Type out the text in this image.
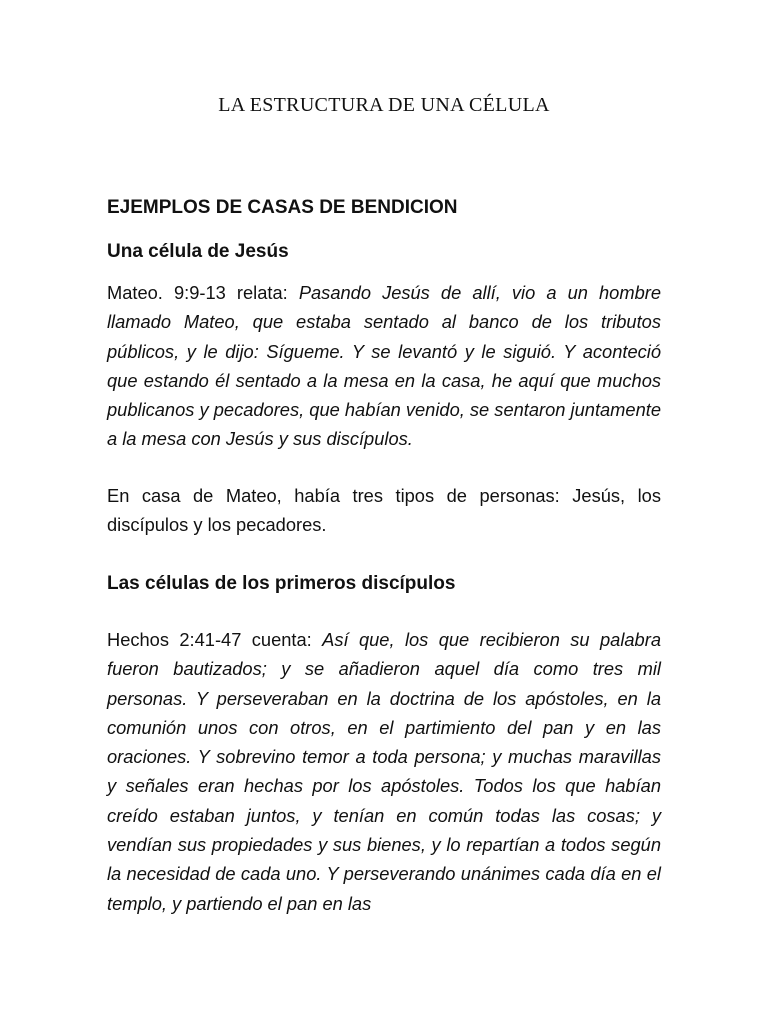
LA ESTRUCTURA DE UNA CÉLULA
EJEMPLOS DE CASAS DE BENDICION
Una célula de Jesús

Mateo. 9:9-13 relata: Pasando Jesús de allí, vio a un hombre llamado Mateo, que estaba sentado al banco de los tributos públicos, y le dijo: Sígueme. Y se levantó y le siguió. Y aconteció que estando él sentado a la mesa en la casa, he aquí que muchos publicanos y pecadores, que habían venido, se sentaron juntamente a la mesa con Jesús y sus discípulos.

En casa de Mateo, había tres tipos de personas: Jesús, los discípulos y los pecadores.

Las células de los primeros discípulos

Hechos 2:41-47 cuenta: Así que, los que recibieron su palabra fueron bautizados; y se añadieron aquel día como tres mil personas. Y perseveraban en la doctrina de los apóstoles, en la comunión unos con otros, en el partimiento del pan y en las oraciones. Y sobrevino temor a toda persona; y muchas maravillas y señales eran hechas por los apóstoles. Todos los que habían creído estaban juntos, y tenían en común todas las cosas; y vendían sus propiedades y sus bienes, y lo repartían a todos según la necesidad de cada uno. Y perseverando unánimes cada día en el templo, y partiendo el pan en las
